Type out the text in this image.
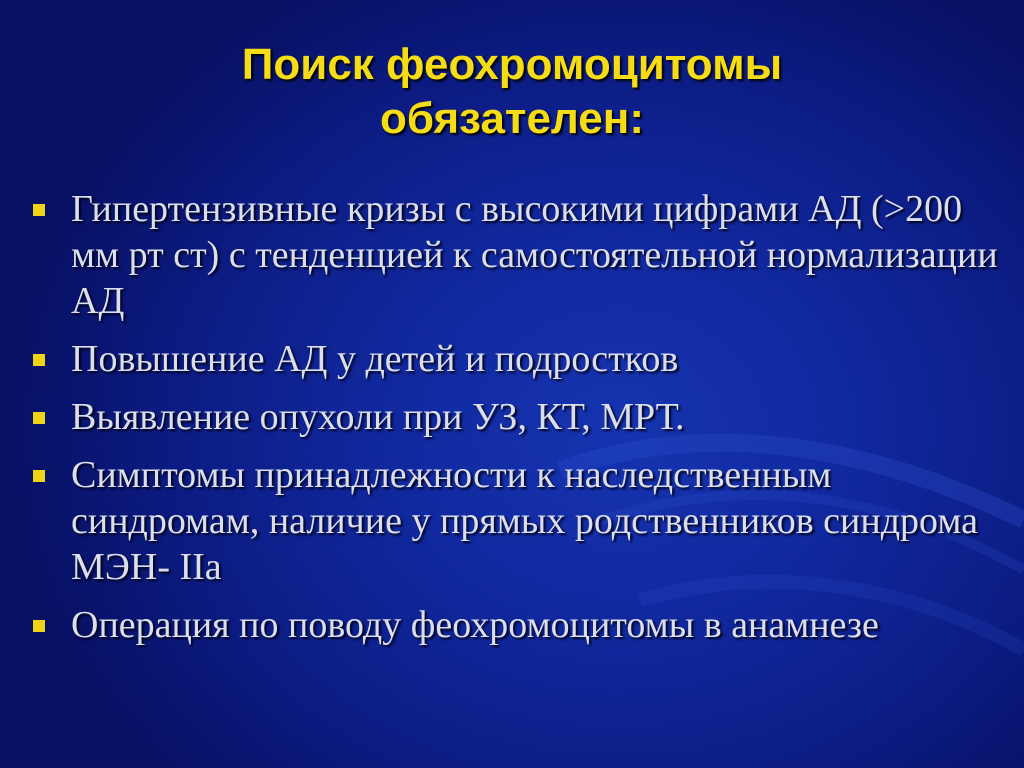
Поиск феохромоцитомы
обязателен:
Гипертензивные кризы с высокими цифрами АД (>200 мм рт ст) с тенденцией к самостоятельной нормализации АД
Повышение АД у детей и подростков
Выявление опухоли при УЗ, КТ, МРТ.
Симптомы принадлежности к наследственным синдромам, наличие у прямых родственников синдрома МЭН- IIa
Операция по поводу феохромоцитомы в анамнезе
